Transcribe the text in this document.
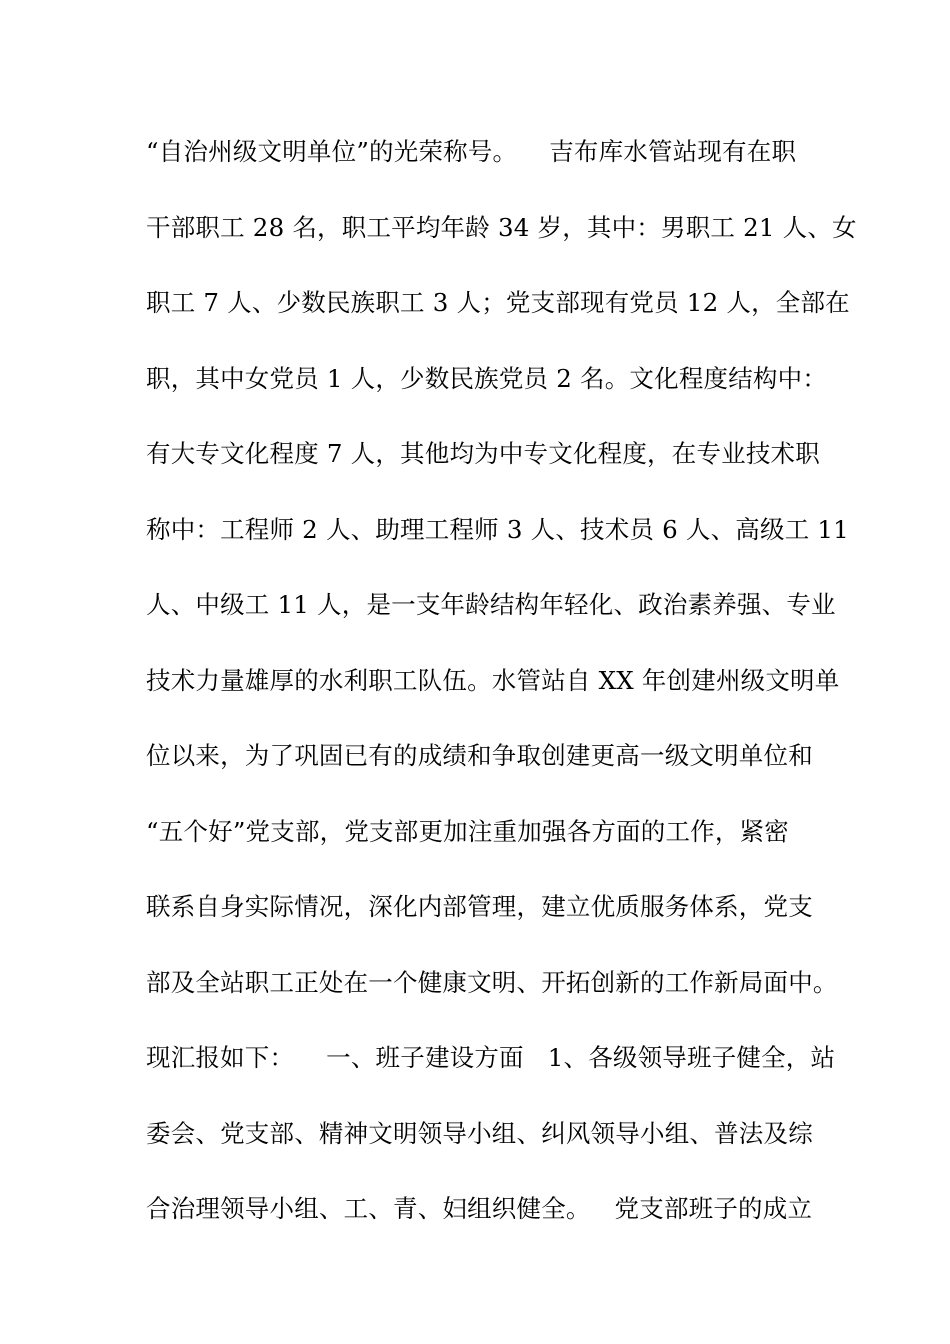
“自治州级文明单位”的光荣称号。    吉布库水管站现有在职
干部职工 28 名，职工平均年龄 34 岁，其中：男职工 21 人、女
职工 7 人、少数民族职工 3 人；党支部现有党员 12 人，全部在
职，其中女党员 1 人，少数民族党员 2 名。文化程度结构中：
有大专文化程度 7 人，其他均为中专文化程度，在专业技术职
称中：工程师 2 人、助理工程师 3 人、技术员 6 人、高级工 11
人、中级工 11 人，是一支年龄结构年轻化、政治素养强、专业
技术力量雄厚的水利职工队伍。水管站自 XX 年创建州级文明单
位以来，为了巩固已有的成绩和争取创建更高一级文明单位和
“五个好”党支部，党支部更加注重加强各方面的工作，紧密
联系自身实际情况，深化内部管理，建立优质服务体系，党支
部及全站职工正处在一个健康文明、开拓创新的工作新局面中。
现汇报如下：    一、班子建设方面   1、各级领导班子健全，站
委会、党支部、精神文明领导小组、纠风领导小组、普法及综
合治理领导小组、工、青、妇组织健全。   党支部班子的成立
